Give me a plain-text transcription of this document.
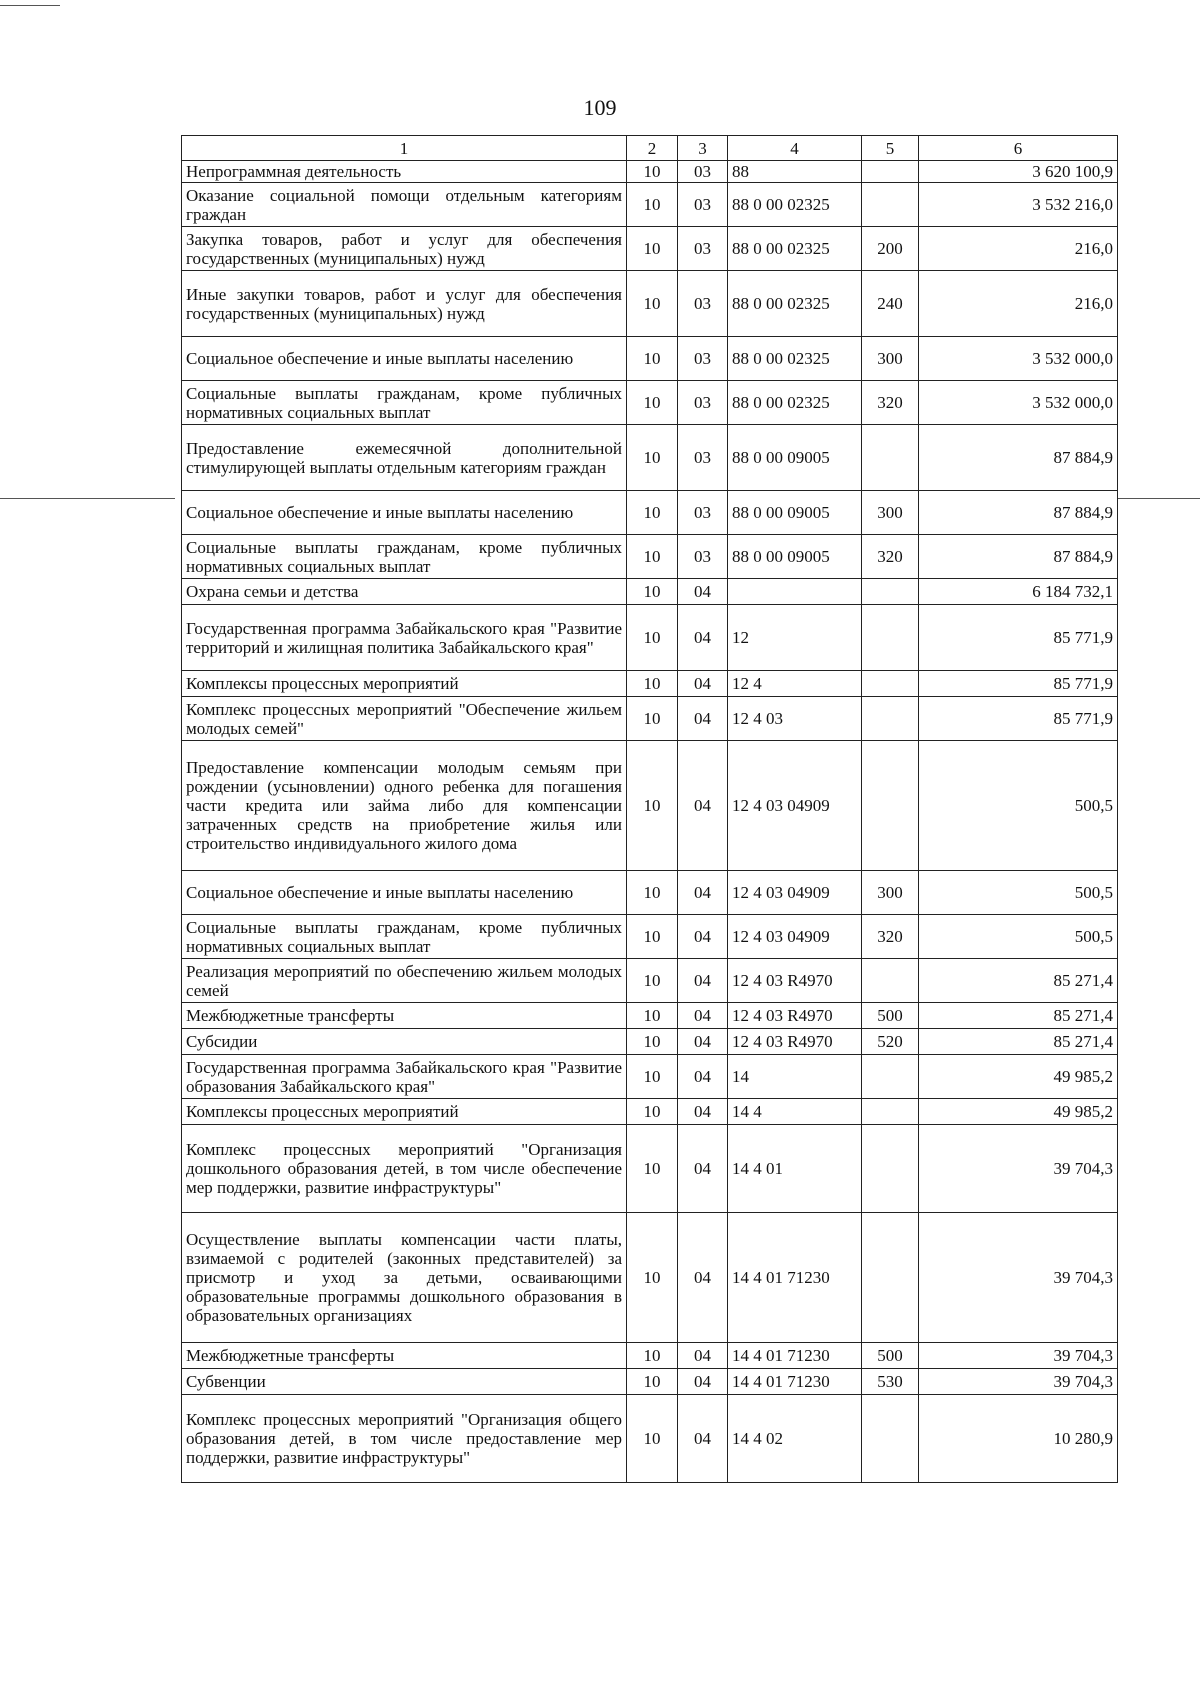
109
1	2	3	4	5	6
Непрограммная деятельность	10	03	88		3 620 100,9
Оказание социальной помощи отдельным категориям граждан	10	03	88 0 00 02325		3 532 216,0
Закупка товаров, работ и услуг для обеспечения государственных (муниципальных) нужд	10	03	88 0 00 02325	200	216,0
Иные закупки товаров, работ и услуг для обеспечения государственных (муниципальных) нужд	10	03	88 0 00 02325	240	216,0
Социальное обеспечение и иные выплаты населению	10	03	88 0 00 02325	300	3 532 000,0
Социальные выплаты гражданам, кроме публичных нормативных социальных выплат	10	03	88 0 00 02325	320	3 532 000,0
Предоставление ежемесячной дополнительной стимулирующей выплаты отдельным категориям граждан	10	03	88 0 00 09005		87 884,9
Социальное обеспечение и иные выплаты населению	10	03	88 0 00 09005	300	87 884,9
Социальные выплаты гражданам, кроме публичных нормативных социальных выплат	10	03	88 0 00 09005	320	87 884,9
Охрана семьи и детства	10	04			6 184 732,1
Государственная программа Забайкальского края "Развитие территорий и жилищная политика Забайкальского края"	10	04	12		85 771,9
Комплексы процессных мероприятий	10	04	12 4		85 771,9
Комплекс процессных мероприятий "Обеспечение жильем молодых семей"	10	04	12 4 03		85 771,9
Предоставление компенсации молодым семьям при рождении (усыновлении) одного ребенка для погашения части кредита или займа либо для компенсации затраченных средств на приобретение жилья или строительство индивидуального жилого дома	10	04	12 4 03 04909		500,5
Социальное обеспечение и иные выплаты населению	10	04	12 4 03 04909	300	500,5
Социальные выплаты гражданам, кроме публичных нормативных социальных выплат	10	04	12 4 03 04909	320	500,5
Реализация мероприятий по обеспечению жильем молодых семей	10	04	12 4 03 R4970		85 271,4
Межбюджетные трансферты	10	04	12 4 03 R4970	500	85 271,4
Субсидии	10	04	12 4 03 R4970	520	85 271,4
Государственная программа Забайкальского края "Развитие образования Забайкальского края"	10	04	14		49 985,2
Комплексы процессных мероприятий	10	04	14 4		49 985,2
Комплекс процессных мероприятий "Организация дошкольного образования детей, в том числе обеспечение мер поддержки, развитие инфраструктуры"	10	04	14 4 01		39 704,3
Осуществление выплаты компенсации части платы, взимаемой с родителей (законных представителей) за присмотр и уход за детьми, осваивающими образовательные программы дошкольного образования в образовательных организациях	10	04	14 4 01 71230		39 704,3
Межбюджетные трансферты	10	04	14 4 01 71230	500	39 704,3
Субвенции	10	04	14 4 01 71230	530	39 704,3
Комплекс процессных мероприятий "Организация общего образования детей, в том числе предоставление мер поддержки, развитие инфраструктуры"	10	04	14 4 02		10 280,9
